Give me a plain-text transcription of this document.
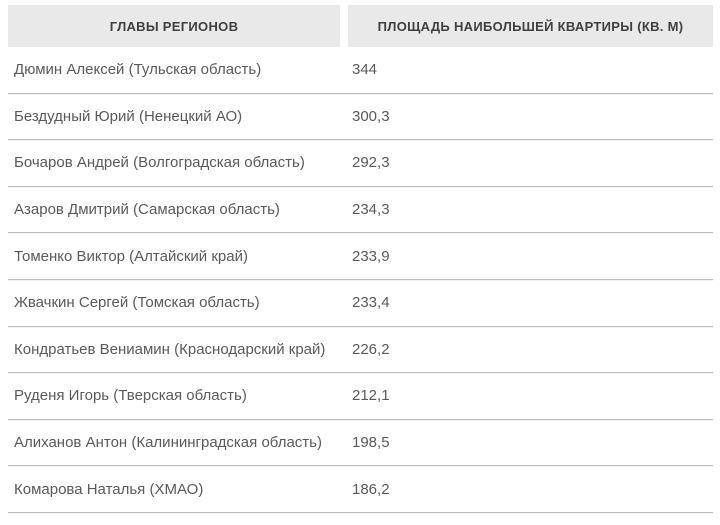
ГЛАВЫ РЕГИОНОВ	ПЛОЩАДЬ НАИБОЛЬШЕЙ КВАРТИРЫ (КВ. М)
Дюмин Алексей (Тульская область)	344
Бездудный Юрий (Ненецкий АО)	300,3
Бочаров Андрей (Волгоградская область)	292,3
Азаров Дмитрий (Самарская область)	234,3
Томенко Виктор (Алтайский край)	233,9
Жвачкин Сергей (Томская область)	233,4
Кондратьев Вениамин (Краснодарский край)	226,2
Руденя Игорь (Тверская область)	212,1
Алиханов Антон (Калининградская область)	198,5
Комарова Наталья (ХМАО)	186,2
